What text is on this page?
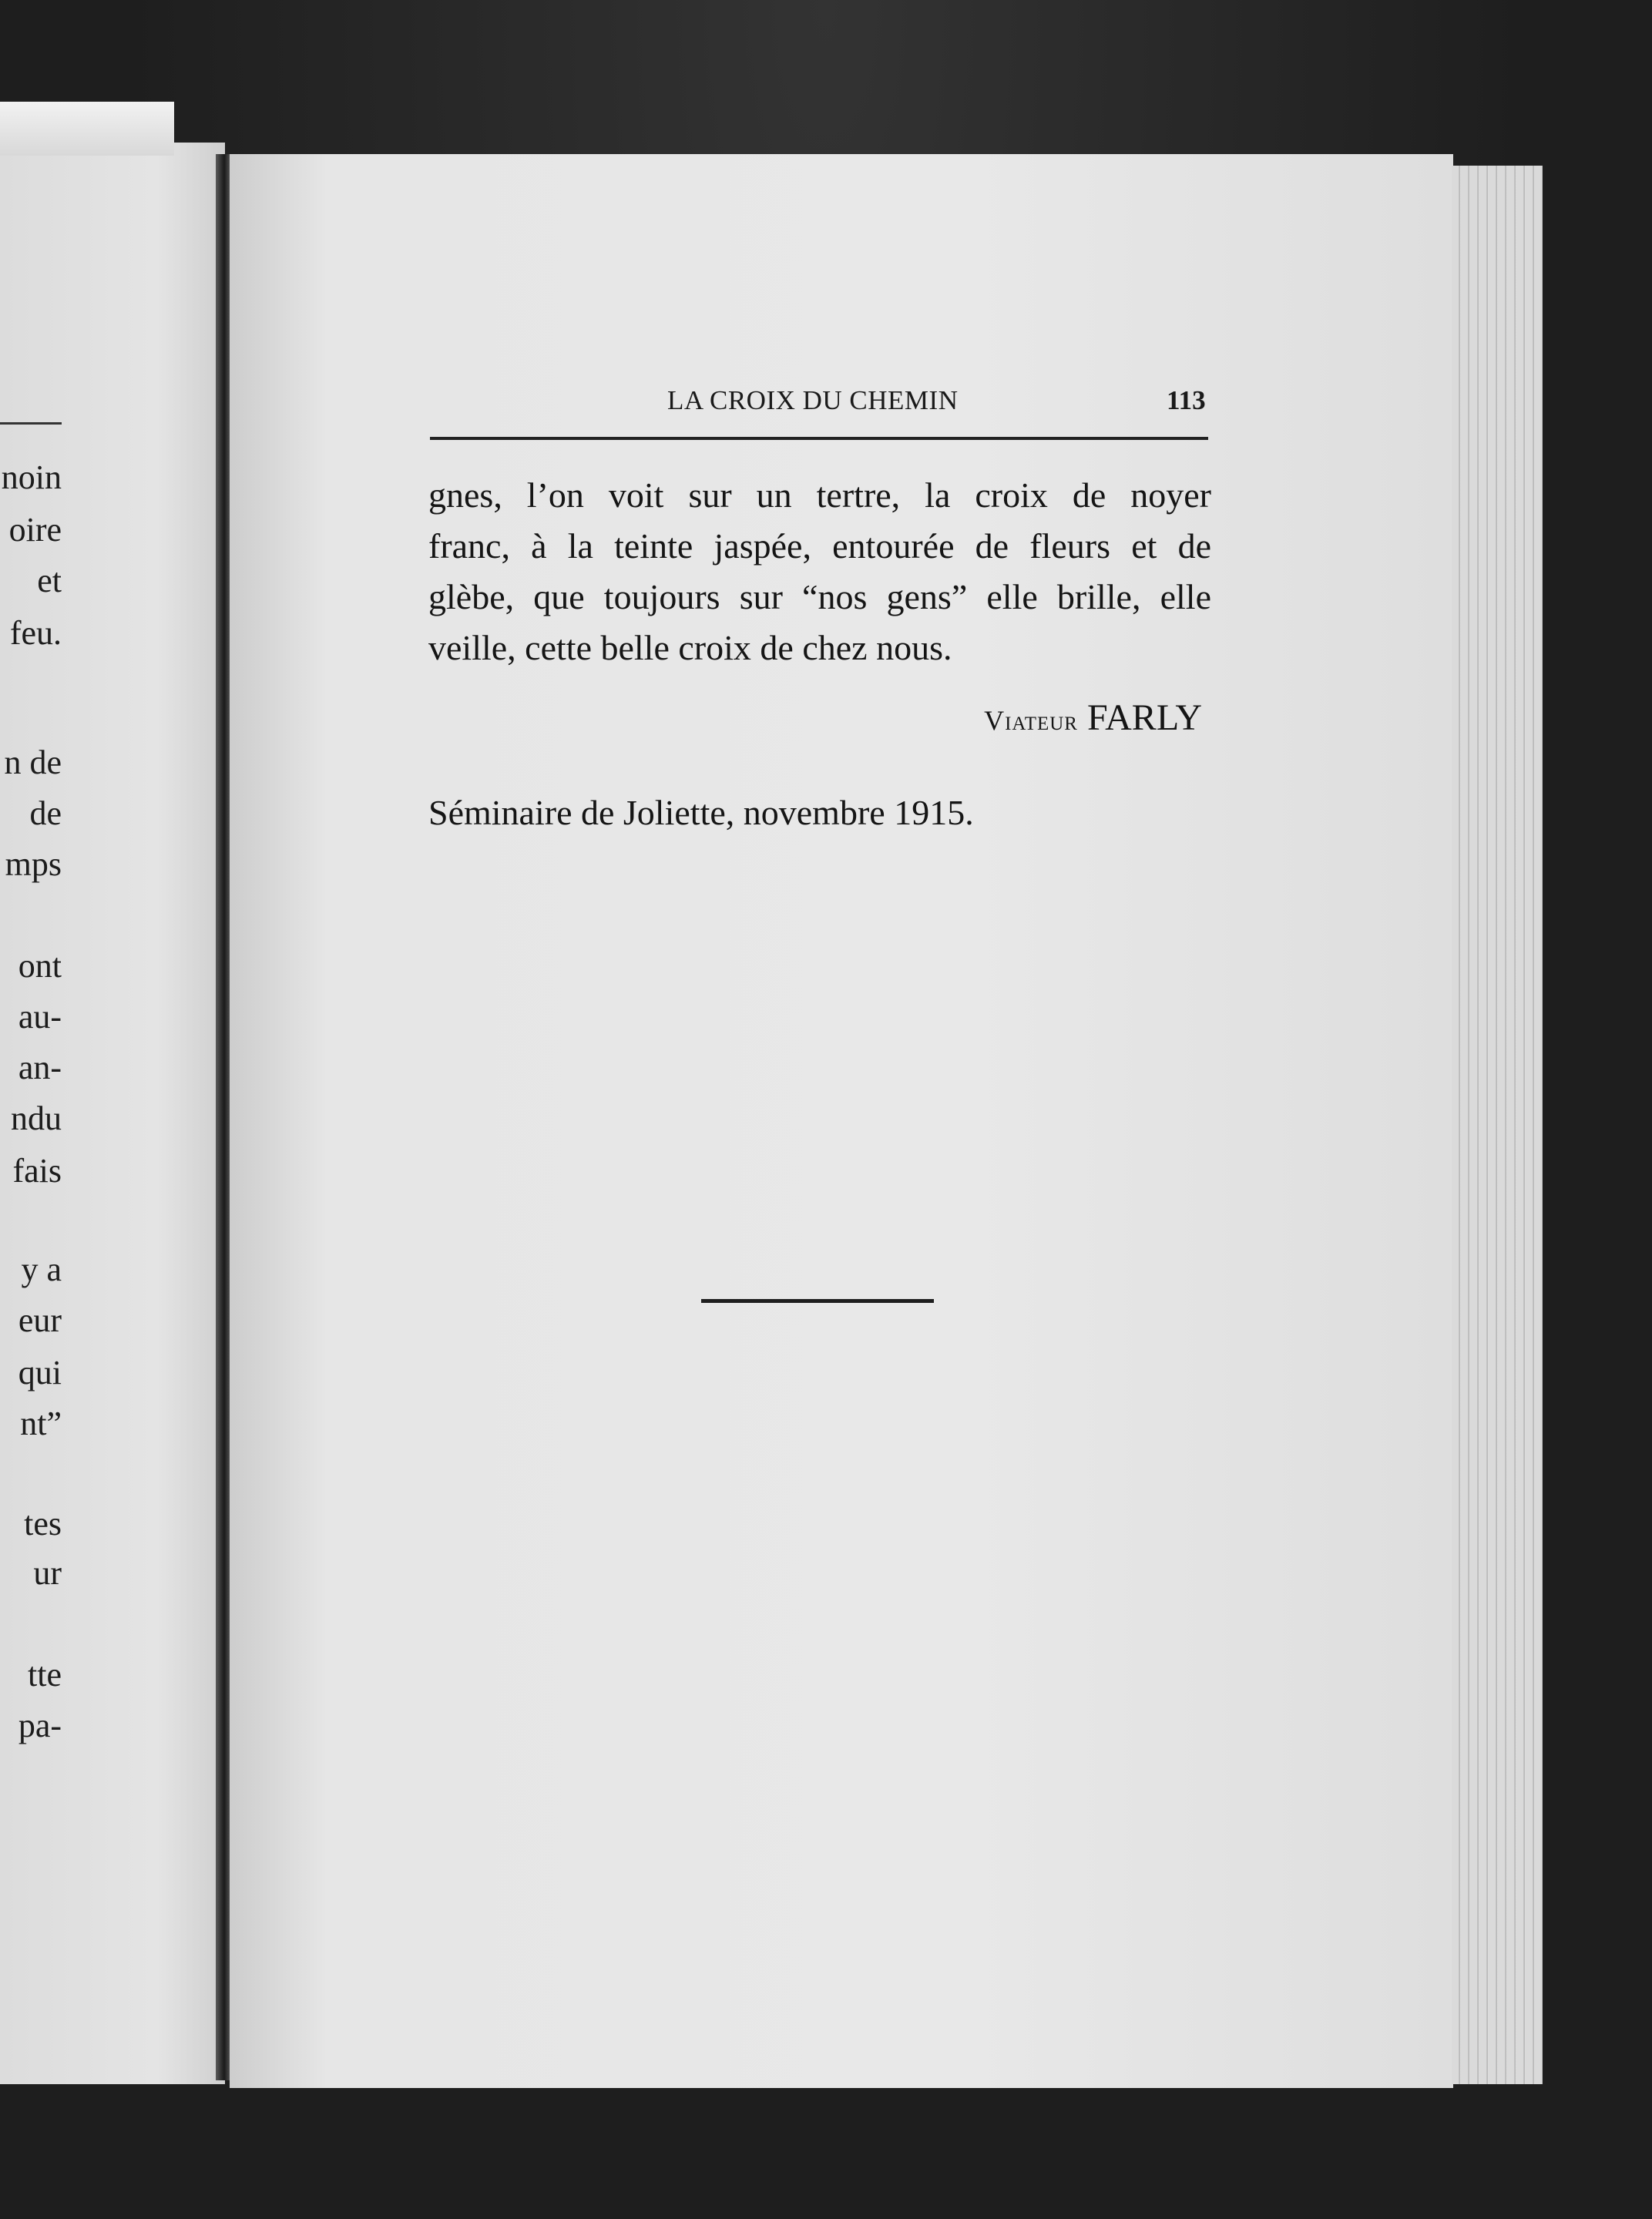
noin
oire
et
feu.
n de
de
mps
ont
au-
an-
ndu
fais
y a
eur
qui
nt”
tes
ur
tte
pa-
LA CROIX DU CHEMIN	113
gnes, l’on voit sur un tertre, la croix de noyer
franc, à la teinte jaspée, entourée de fleurs et de
glèbe, que toujours sur “nos gens” elle brille, elle
veille, cette belle croix de chez nous.
Viateur FARLY
Séminaire de Joliette, novembre 1915.
